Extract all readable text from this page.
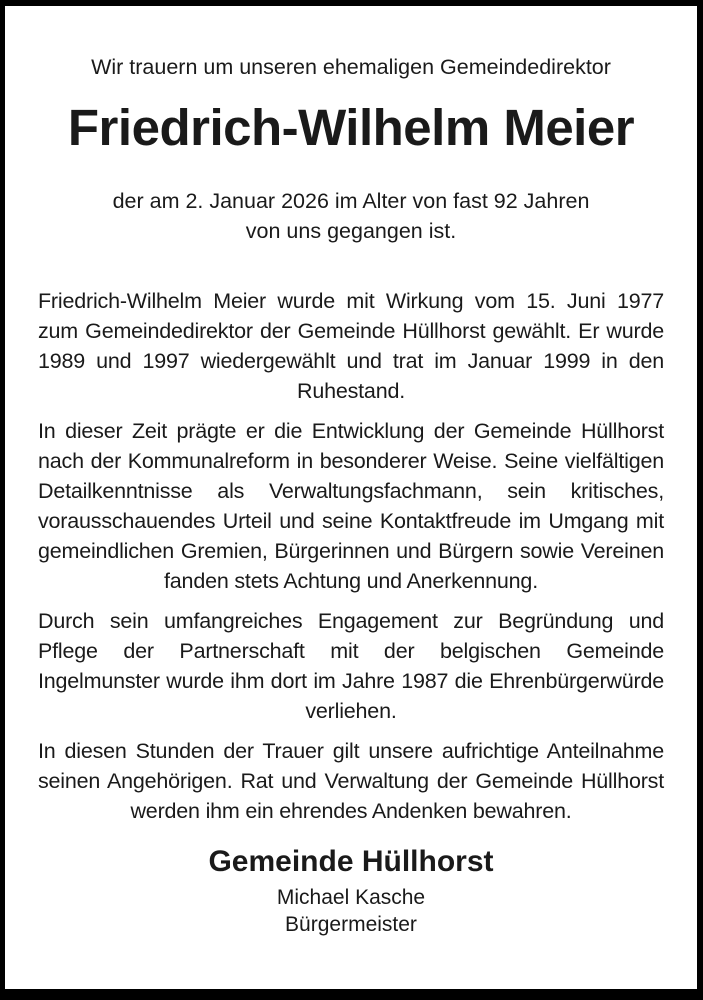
Wir trauern um unseren ehemaligen Gemeindedirektor

Friedrich-Wilhelm Meier
der am 2. Januar 2026 im Alter von fast 92 Jahren
von uns gegangen ist.

Friedrich-Wilhelm Meier wurde mit Wirkung vom 15. Juni 1977 zum Gemeindedirektor der Gemeinde Hüllhorst gewählt. Er wurde 1989 und 1997 wiedergewählt und trat im Januar 1999 in den Ruhestand.

In dieser Zeit prägte er die Entwicklung der Gemeinde Hüllhorst nach der Kommunalreform in besonderer Weise. Seine vielfältigen Detailkenntnisse als Verwaltungsfachmann, sein kritisches, vorausschauendes Urteil und seine Kontaktfreude im Umgang mit gemeindlichen Gremien, Bürgerinnen und Bürgern sowie Vereinen fanden stets Achtung und Anerkennung.

Durch sein umfangreiches Engagement zur Begründung und Pflege der Partnerschaft mit der belgischen Gemeinde Ingelmunster wurde ihm dort im Jahre 1987 die Ehrenbürgerwürde verliehen.

In diesen Stunden der Trauer gilt unsere aufrichtige Anteilnahme seinen Angehörigen. Rat und Verwaltung der Gemeinde Hüllhorst werden ihm ein ehrendes Andenken bewahren.

Gemeinde Hüllhorst

Michael Kasche

Bürgermeister
